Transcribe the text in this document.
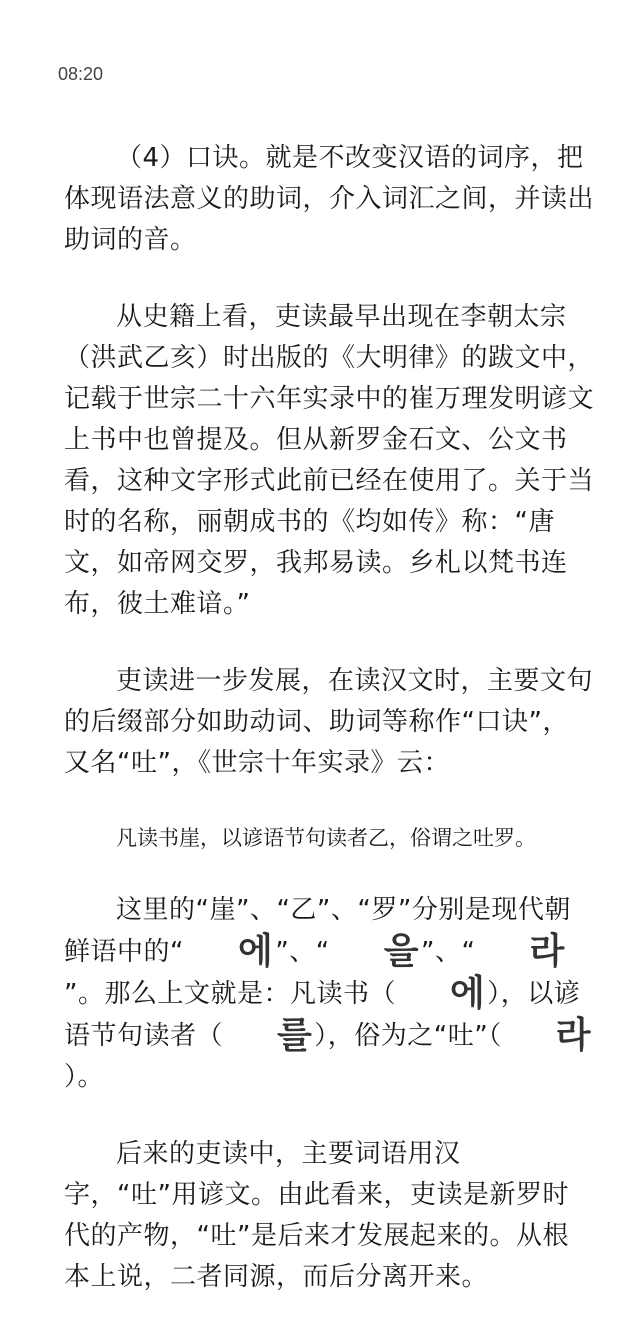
08:20

（4）口诀。就是不改变汉语的词序，把体现语法意义的助词，介入词汇之间，并读出助词的音。

从史籍上看，吏读最早出现在李朝太宗（洪武乙亥）时出版的《大明律》的跋文中，记载于世宗二十六年实录中的崔万理发明谚文上书中也曾提及。但从新罗金石文、公文书看，这种文字形式此前已经在使用了。关于当时的名称，丽朝成书的《均如传》称：“唐文，如帝网交罗，我邦易读。乡札以梵书连布，彼土难谙。”

吏读进一步发展，在读汉文时，主要文句的后缀部分如助动词、助词等称作“口诀”，又名“吐”，《世宗十年实录》云：

凡读书崖，以谚语节句读者乙，俗谓之吐罗。

这里的“崖”、“乙”、“罗”分别是现代朝鲜语中的“ 에”、“ 을”、“ 라”。那么上文就是：凡读书（ 에），以谚语节句读者（ 를），俗为之“吐”（ 라）。

后来的吏读中，主要词语用汉字，“吐”用谚文。由此看来，吏读是新罗时代的产物，“吐”是后来才发展起来的。从根本上说，二者同源，而后分离开来。
